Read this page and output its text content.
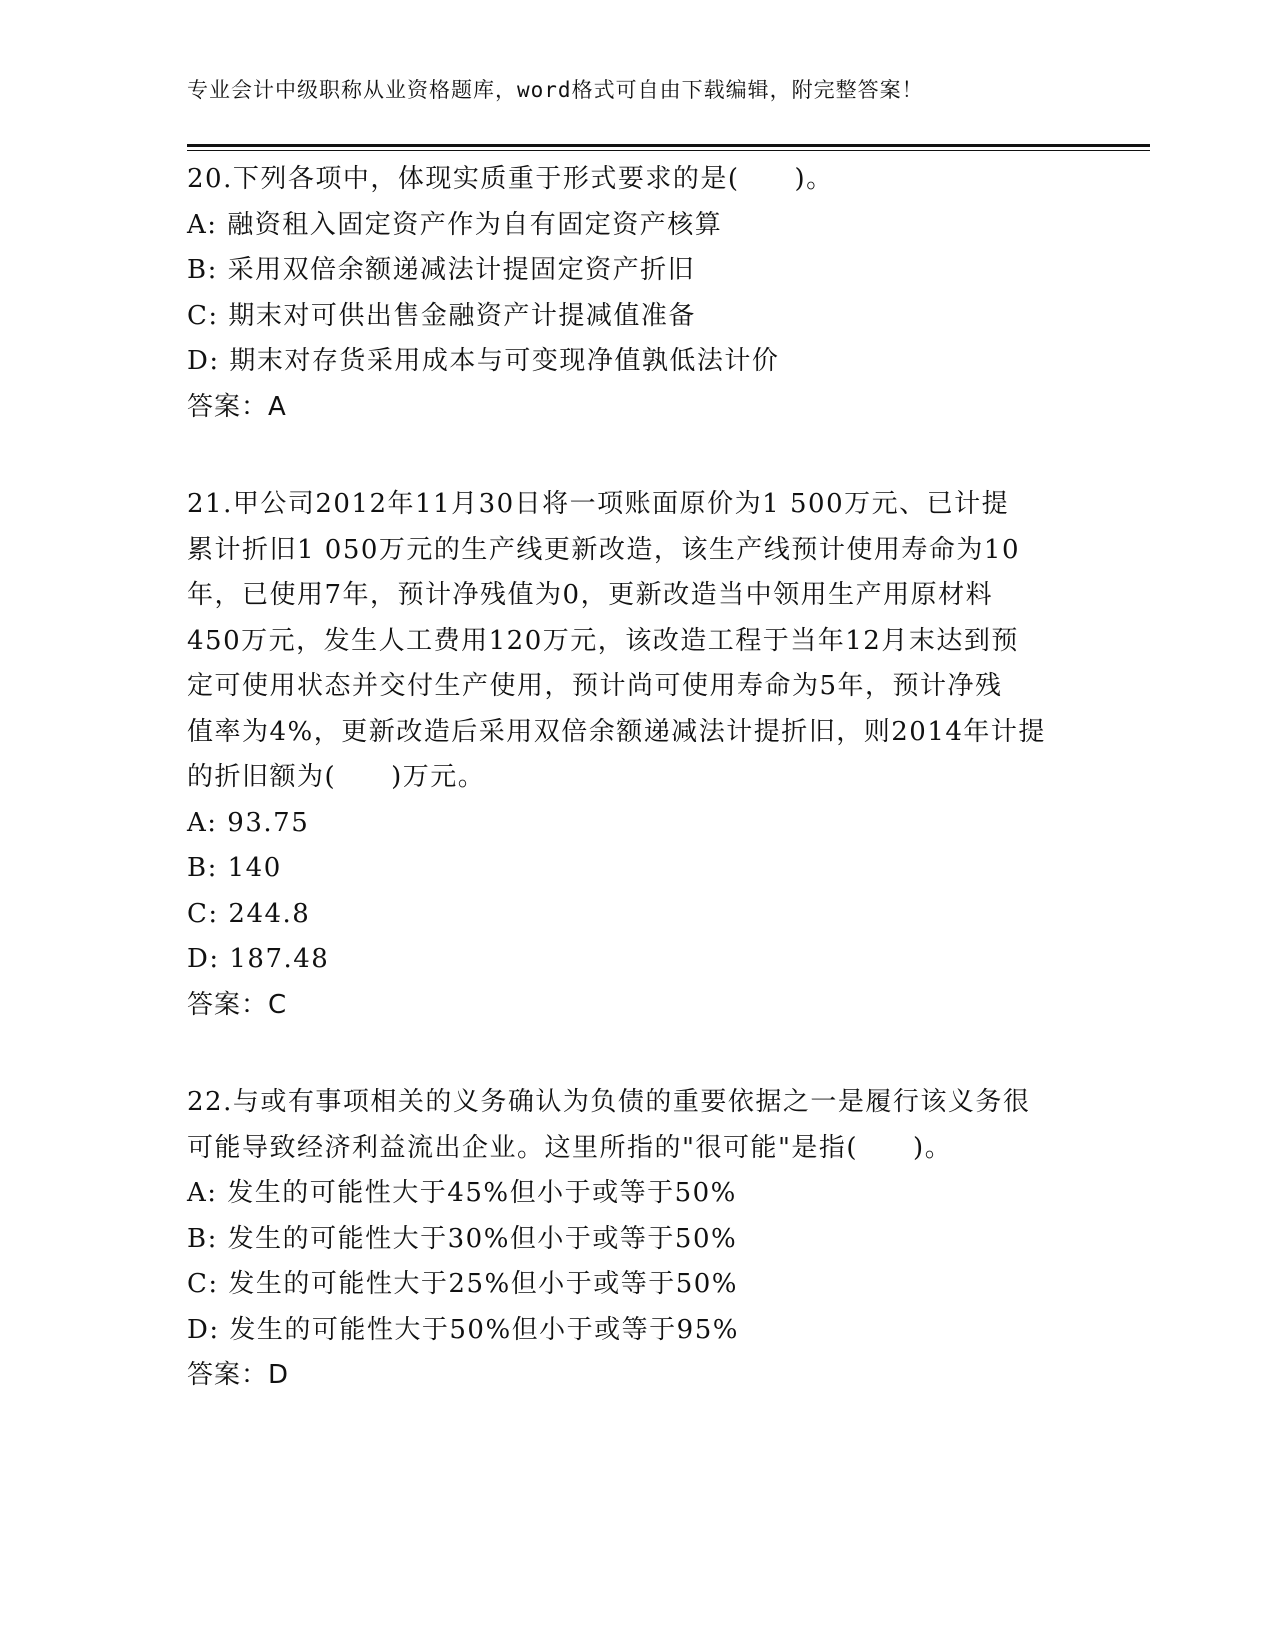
专业会计中级职称从业资格题库，word格式可自由下载编辑，附完整答案！
20.下列各项中，体现实质重于形式要求的是(　　)。
A: 融资租入固定资产作为自有固定资产核算
B: 采用双倍余额递减法计提固定资产折旧
C: 期末对可供出售金融资产计提减值准备
D: 期末对存货采用成本与可变现净值孰低法计价
答案：A
21.甲公司2012年11月30日将一项账面原价为1 500万元、已计提
累计折旧1 050万元的生产线更新改造，该生产线预计使用寿命为10
年，已使用7年，预计净残值为0，更新改造当中领用生产用原材料
450万元，发生人工费用120万元，该改造工程于当年12月末达到预
定可使用状态并交付生产使用，预计尚可使用寿命为5年，预计净残
值率为4%，更新改造后采用双倍余额递减法计提折旧，则2014年计提
的折旧额为(　　)万元。
A: 93.75
B: 140
C: 244.8
D: 187.48
答案：C
22.与或有事项相关的义务确认为负债的重要依据之一是履行该义务很
可能导致经济利益流出企业。这里所指的"很可能"是指(　　)。
A: 发生的可能性大于45%但小于或等于50%
B: 发生的可能性大于30%但小于或等于50%
C: 发生的可能性大于25%但小于或等于50%
D: 发生的可能性大于50%但小于或等于95%
答案：D
